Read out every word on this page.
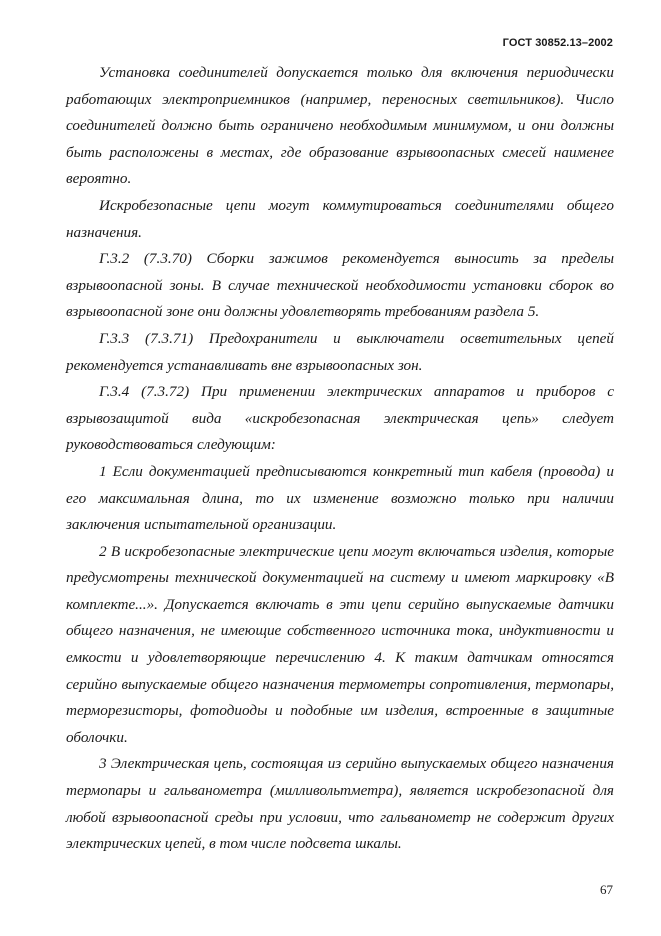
ГОСТ 30852.13–2002

Установка соединителей допускается только для включения периодически работающих электроприемников (например, переносных светильников). Число соединителей должно быть ограничено необходимым минимумом, и они должны быть расположены в местах, где образование взрывоопасных смесей наименее вероятно.

Искробезопасные цепи могут коммутироваться соединителями общего назначения.

Г.3.2 (7.3.70) Сборки зажимов рекомендуется выносить за пределы взрывоопасной зоны. В случае технической необходимости установки сборок во взрывоопасной зоне они должны удовлетворять требованиям раздела 5.

Г.3.3 (7.3.71) Предохранители и выключатели осветительных цепей рекомендуется устанавливать вне взрывоопасных зон.

Г.3.4 (7.3.72) При применении электрических аппаратов и приборов с взрывозащитой вида «искробезопасная электрическая цепь» следует руководствоваться следующим:

1 Если документацией предписываются конкретный тип кабеля (провода) и его максимальная длина, то их изменение возможно только при наличии заключения испытательной организации.

2 В искробезопасные электрические цепи могут включаться изделия, которые предусмотрены технической документацией на систему и имеют маркировку «В комплекте...». Допускается включать в эти цепи серийно выпускаемые датчики общего назначения, не имеющие собственного источника тока, индуктивности и емкости и удовлетворяющие перечислению 4. К таким датчикам относятся серийно выпускаемые общего назначения термометры сопротивления, термопары, терморезисторы, фотодиоды и подобные им изделия, встроенные в защитные оболочки.

3 Электрическая цепь, состоящая из серийно выпускаемых общего назначения термопары и гальванометра (милливольтметра), является искробезопасной для любой взрывоопасной среды при условии, что гальванометр не содержит других электрических цепей, в том числе подсвета шкалы.

67
